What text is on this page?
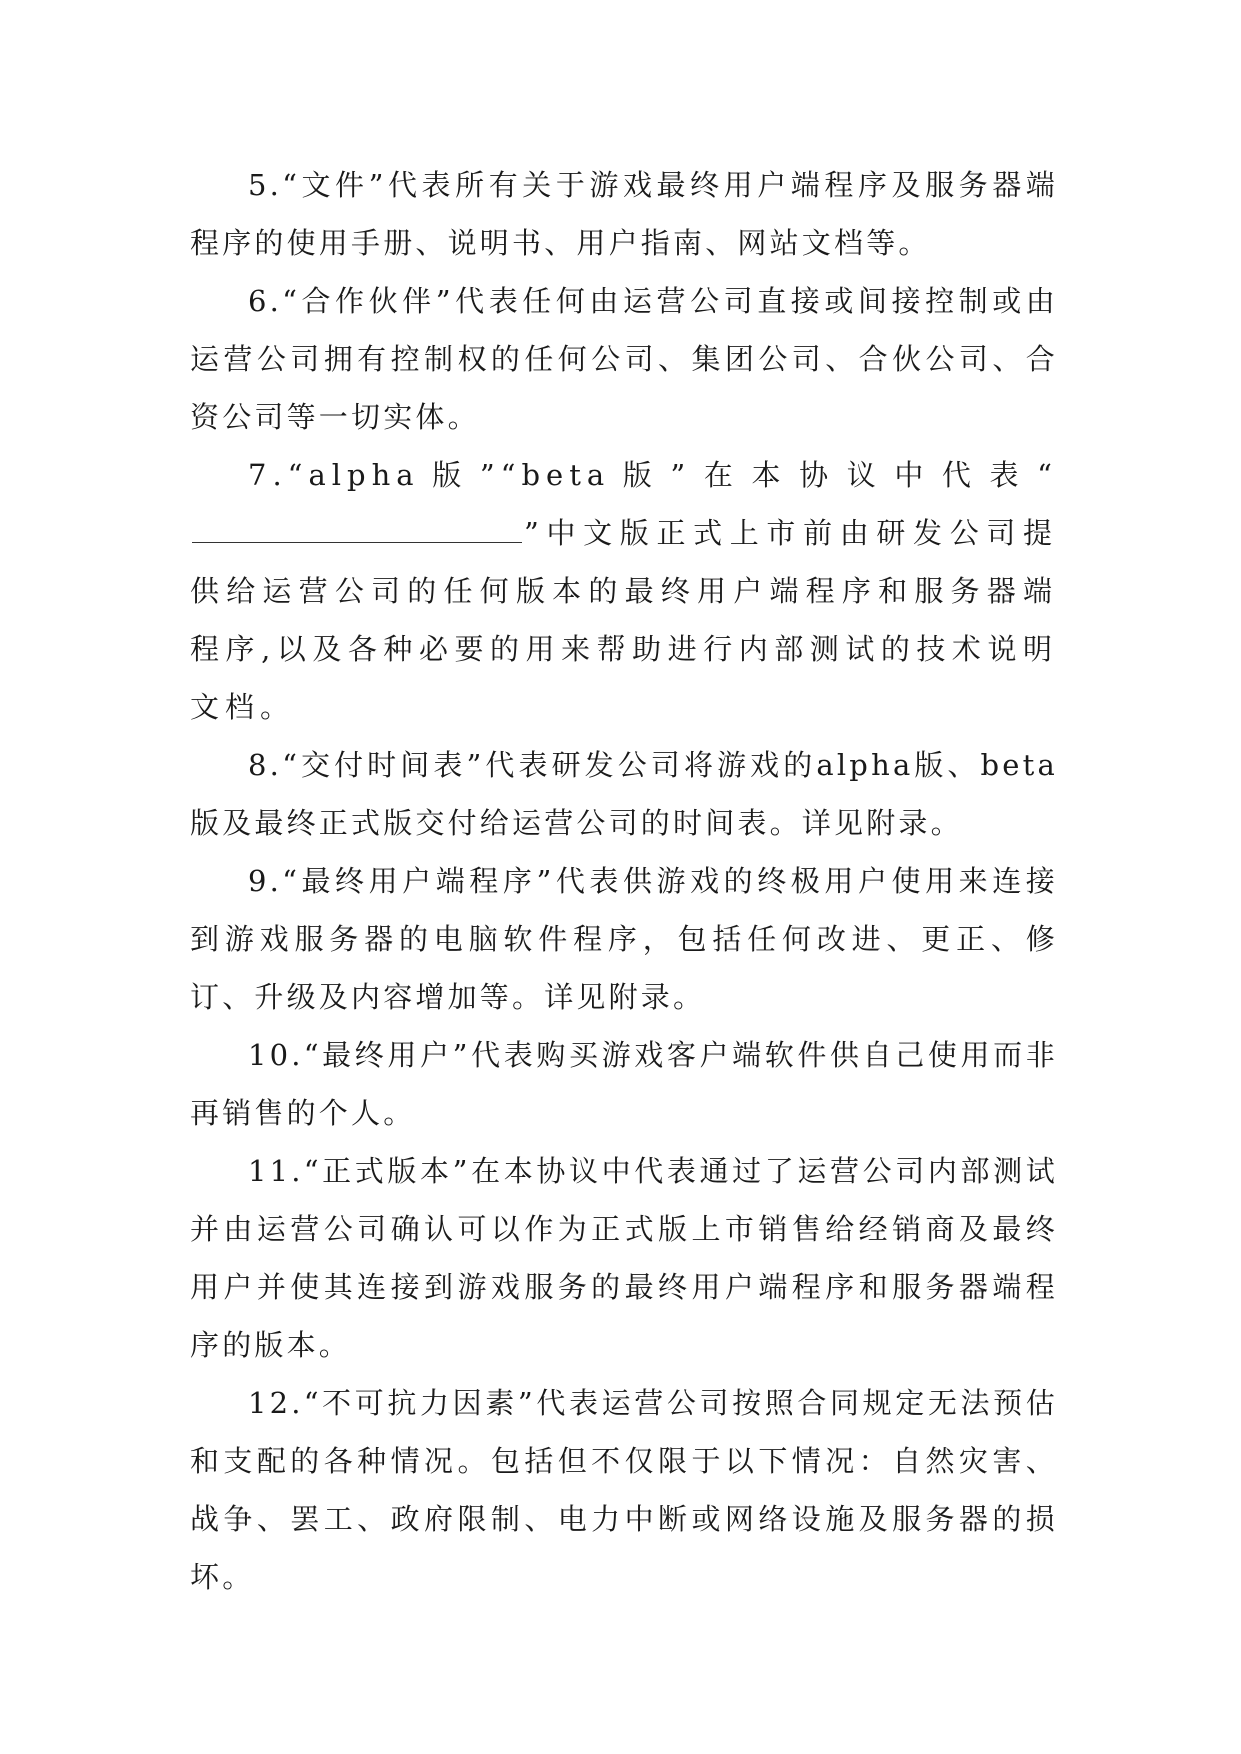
5.“文件”代表所有关于游戏最终用户端程序及服务器端程序的使用手册、说明书、用户指南、网站文档等。

6.“合作伙伴”代表任何由运营公司直接或间接控制或由运营公司拥有控制权的任何公司、集团公司、合伙公司、合资公司等一切实体。

7.“alpha版”“beta版”在本协议中代表“”中文版正式上市前由研发公司提供给运营公司的任何版本的最终用户端程序和服务器端程序,以及各种必要的用来帮助进行内部测试的技术说明文档。

8.“交付时间表”代表研发公司将游戏的alpha版、beta版及最终正式版交付给运营公司的时间表。详见附录。

9.“最终用户端程序”代表供游戏的终极用户使用来连接到游戏服务器的电脑软件程序，包括任何改进、更正、修订、升级及内容增加等。详见附录。

10.“最终用户”代表购买游戏客户端软件供自己使用而非再销售的个人。

11.“正式版本”在本协议中代表通过了运营公司内部测试并由运营公司确认可以作为正式版上市销售给经销商及最终用户并使其连接到游戏服务的最终用户端程序和服务器端程序的版本。

12.“不可抗力因素”代表运营公司按照合同规定无法预估和支配的各种情况。包括但不仅限于以下情况：自然灾害、战争、罢工、政府限制、电力中断或网络设施及服务器的损坏。
